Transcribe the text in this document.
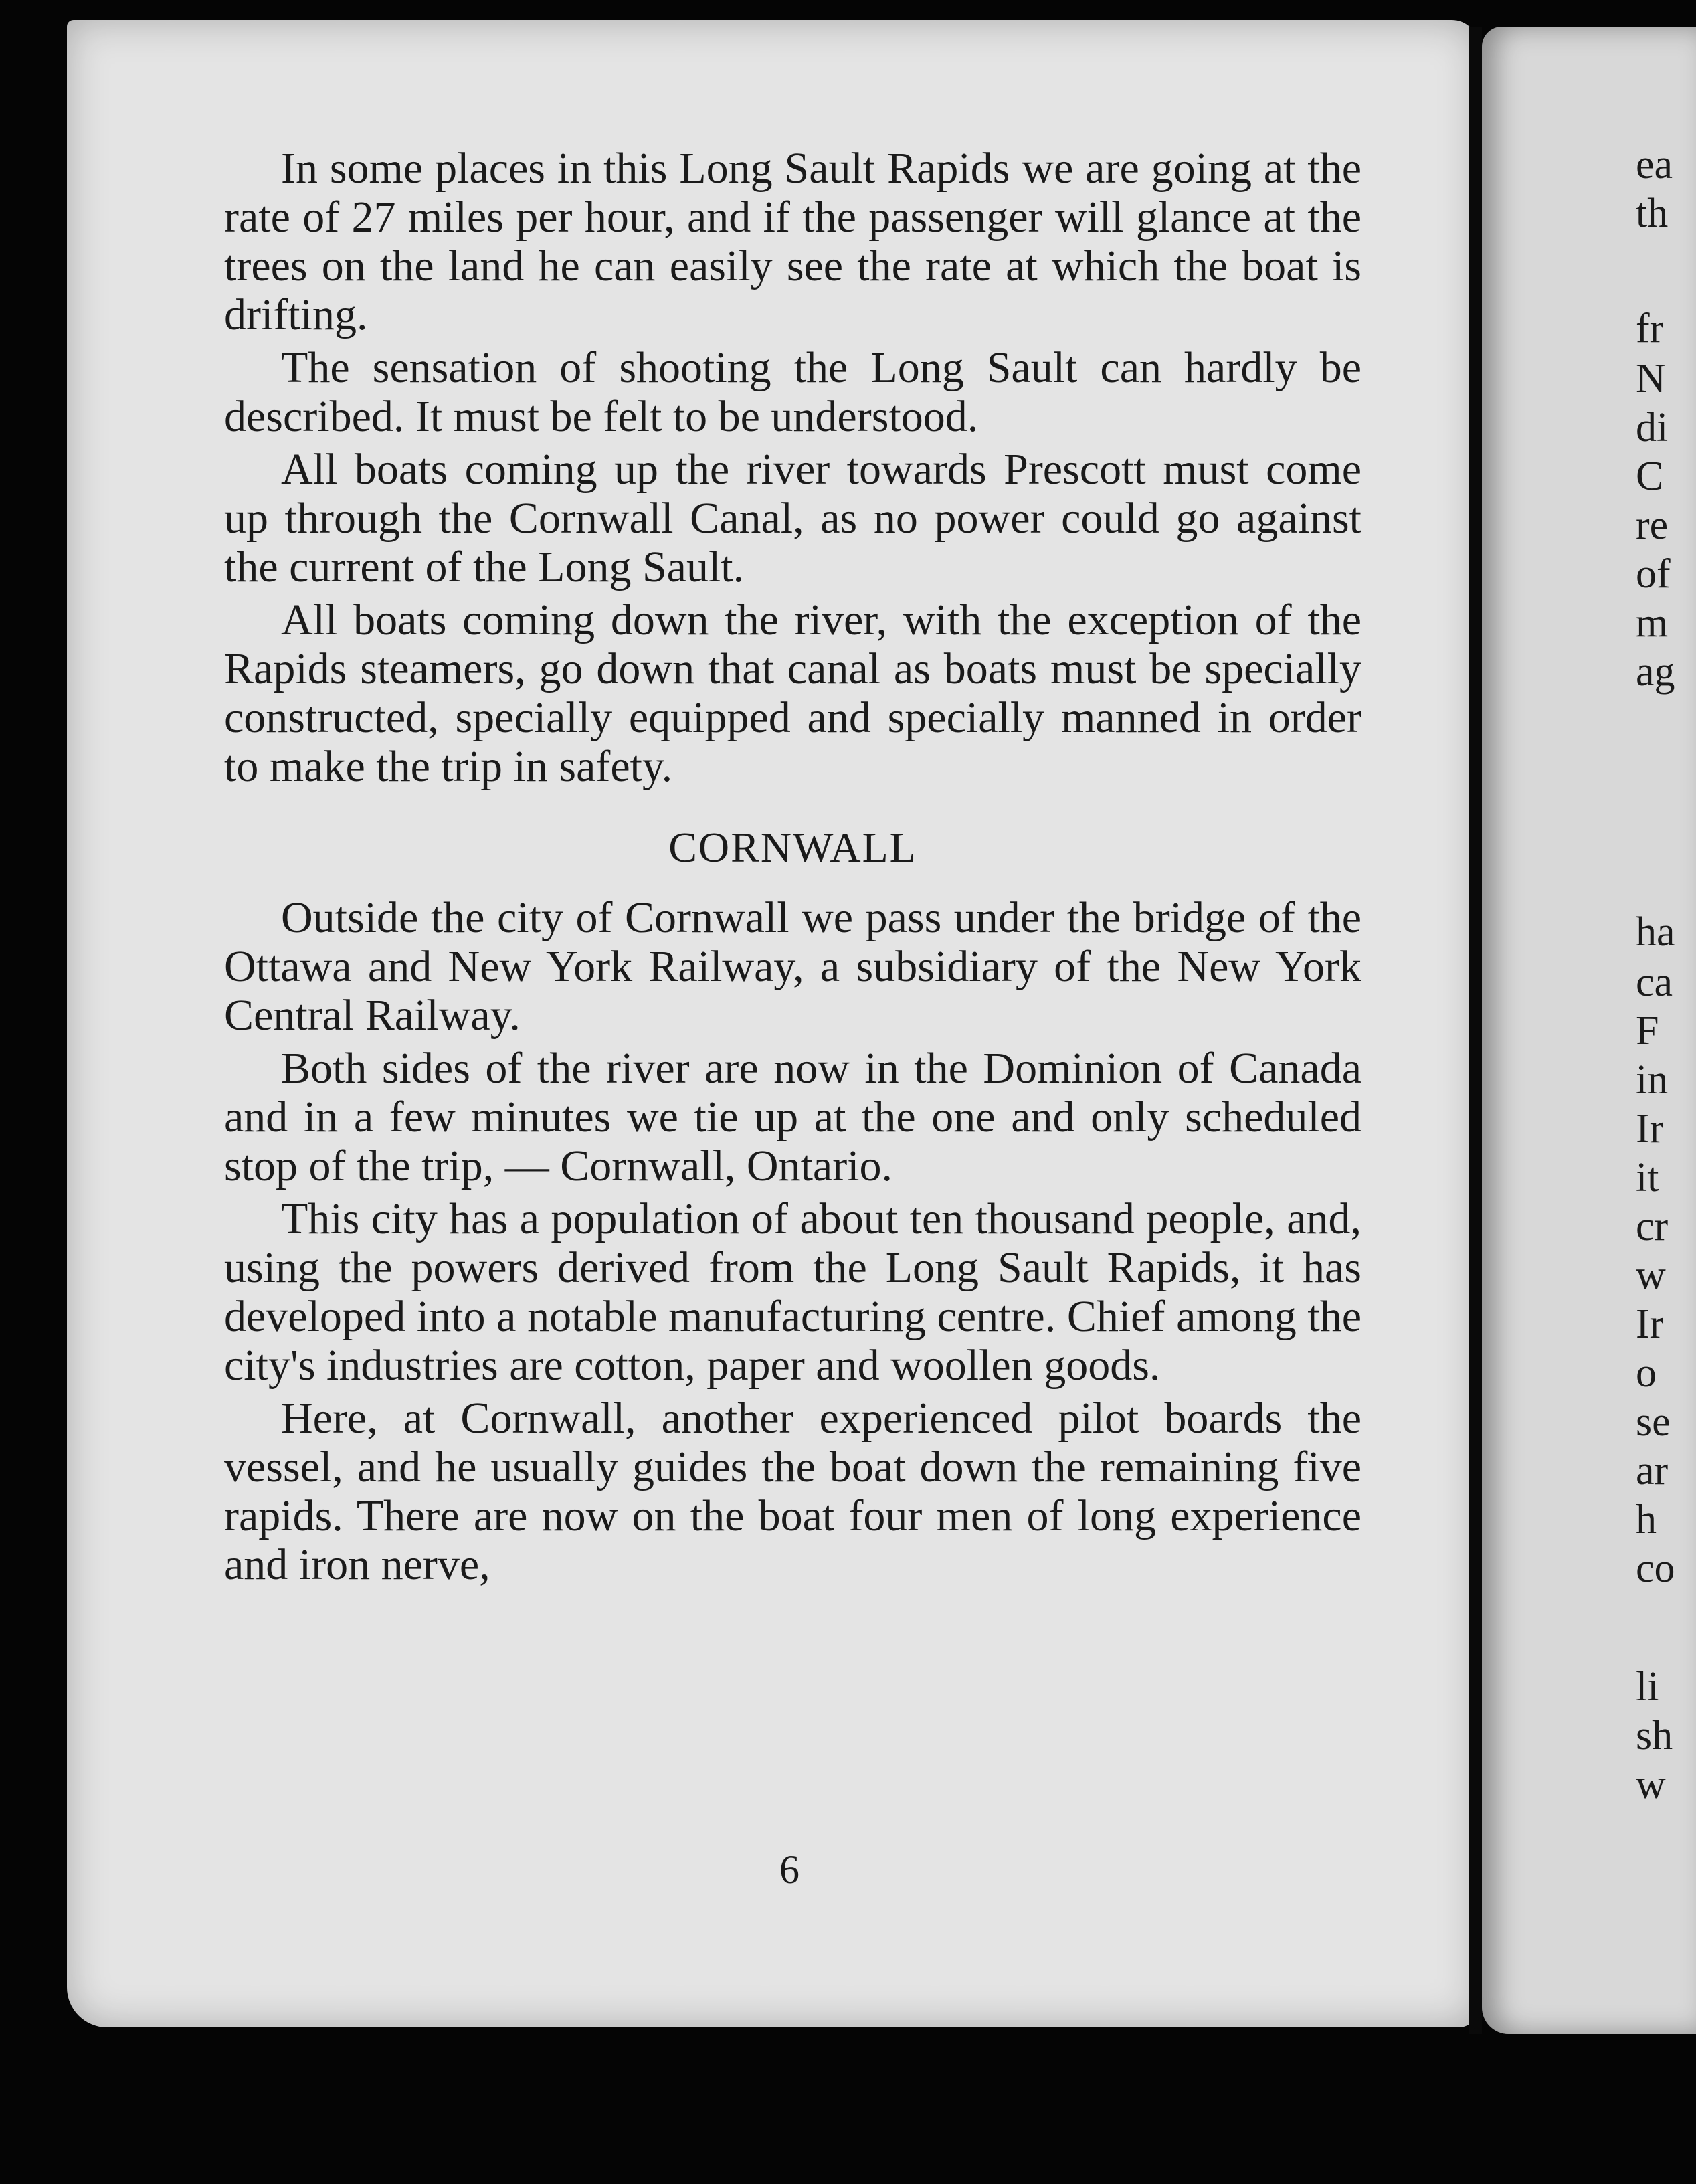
In some places in this Long Sault Rapids we are going at the rate of 27 miles per hour, and if the passenger will glance at the trees on the land he can easily see the rate at which the boat is drifting.

The sensation of shooting the Long Sault can hardly be described. It must be felt to be understood.

All boats coming up the river towards Prescott must come up through the Cornwall Canal, as no power could go against the current of the Long Sault.

All boats coming down the river, with the exception of the Rapids steamers, go down that canal as boats must be specially constructed, specially equipped and specially manned in order to make the trip in safety.

CORNWALL

Outside the city of Cornwall we pass under the bridge of the Ottawa and New York Railway, a subsidiary of the New York Central Railway.

Both sides of the river are now in the Dominion of Canada and in a few minutes we tie up at the one and only scheduled stop of the trip, — Cornwall, Ontario.

This city has a population of about ten thousand people, and, using the powers derived from the Long Sault Rapids, it has developed into a notable manufacturing centre. Chief among the city's industries are cotton, paper and woollen goods.

Here, at Cornwall, another experienced pilot boards the vessel, and he usually guides the boat down the remaining five rapids. There are now on the boat four men of long experience and iron nerve,

6
ea
th
fr
N
di
C
re
of
m
ag
ha
ca
F
in
Ir
it
cr
w
Ir
o
se
ar
h
co
li
sh
w
